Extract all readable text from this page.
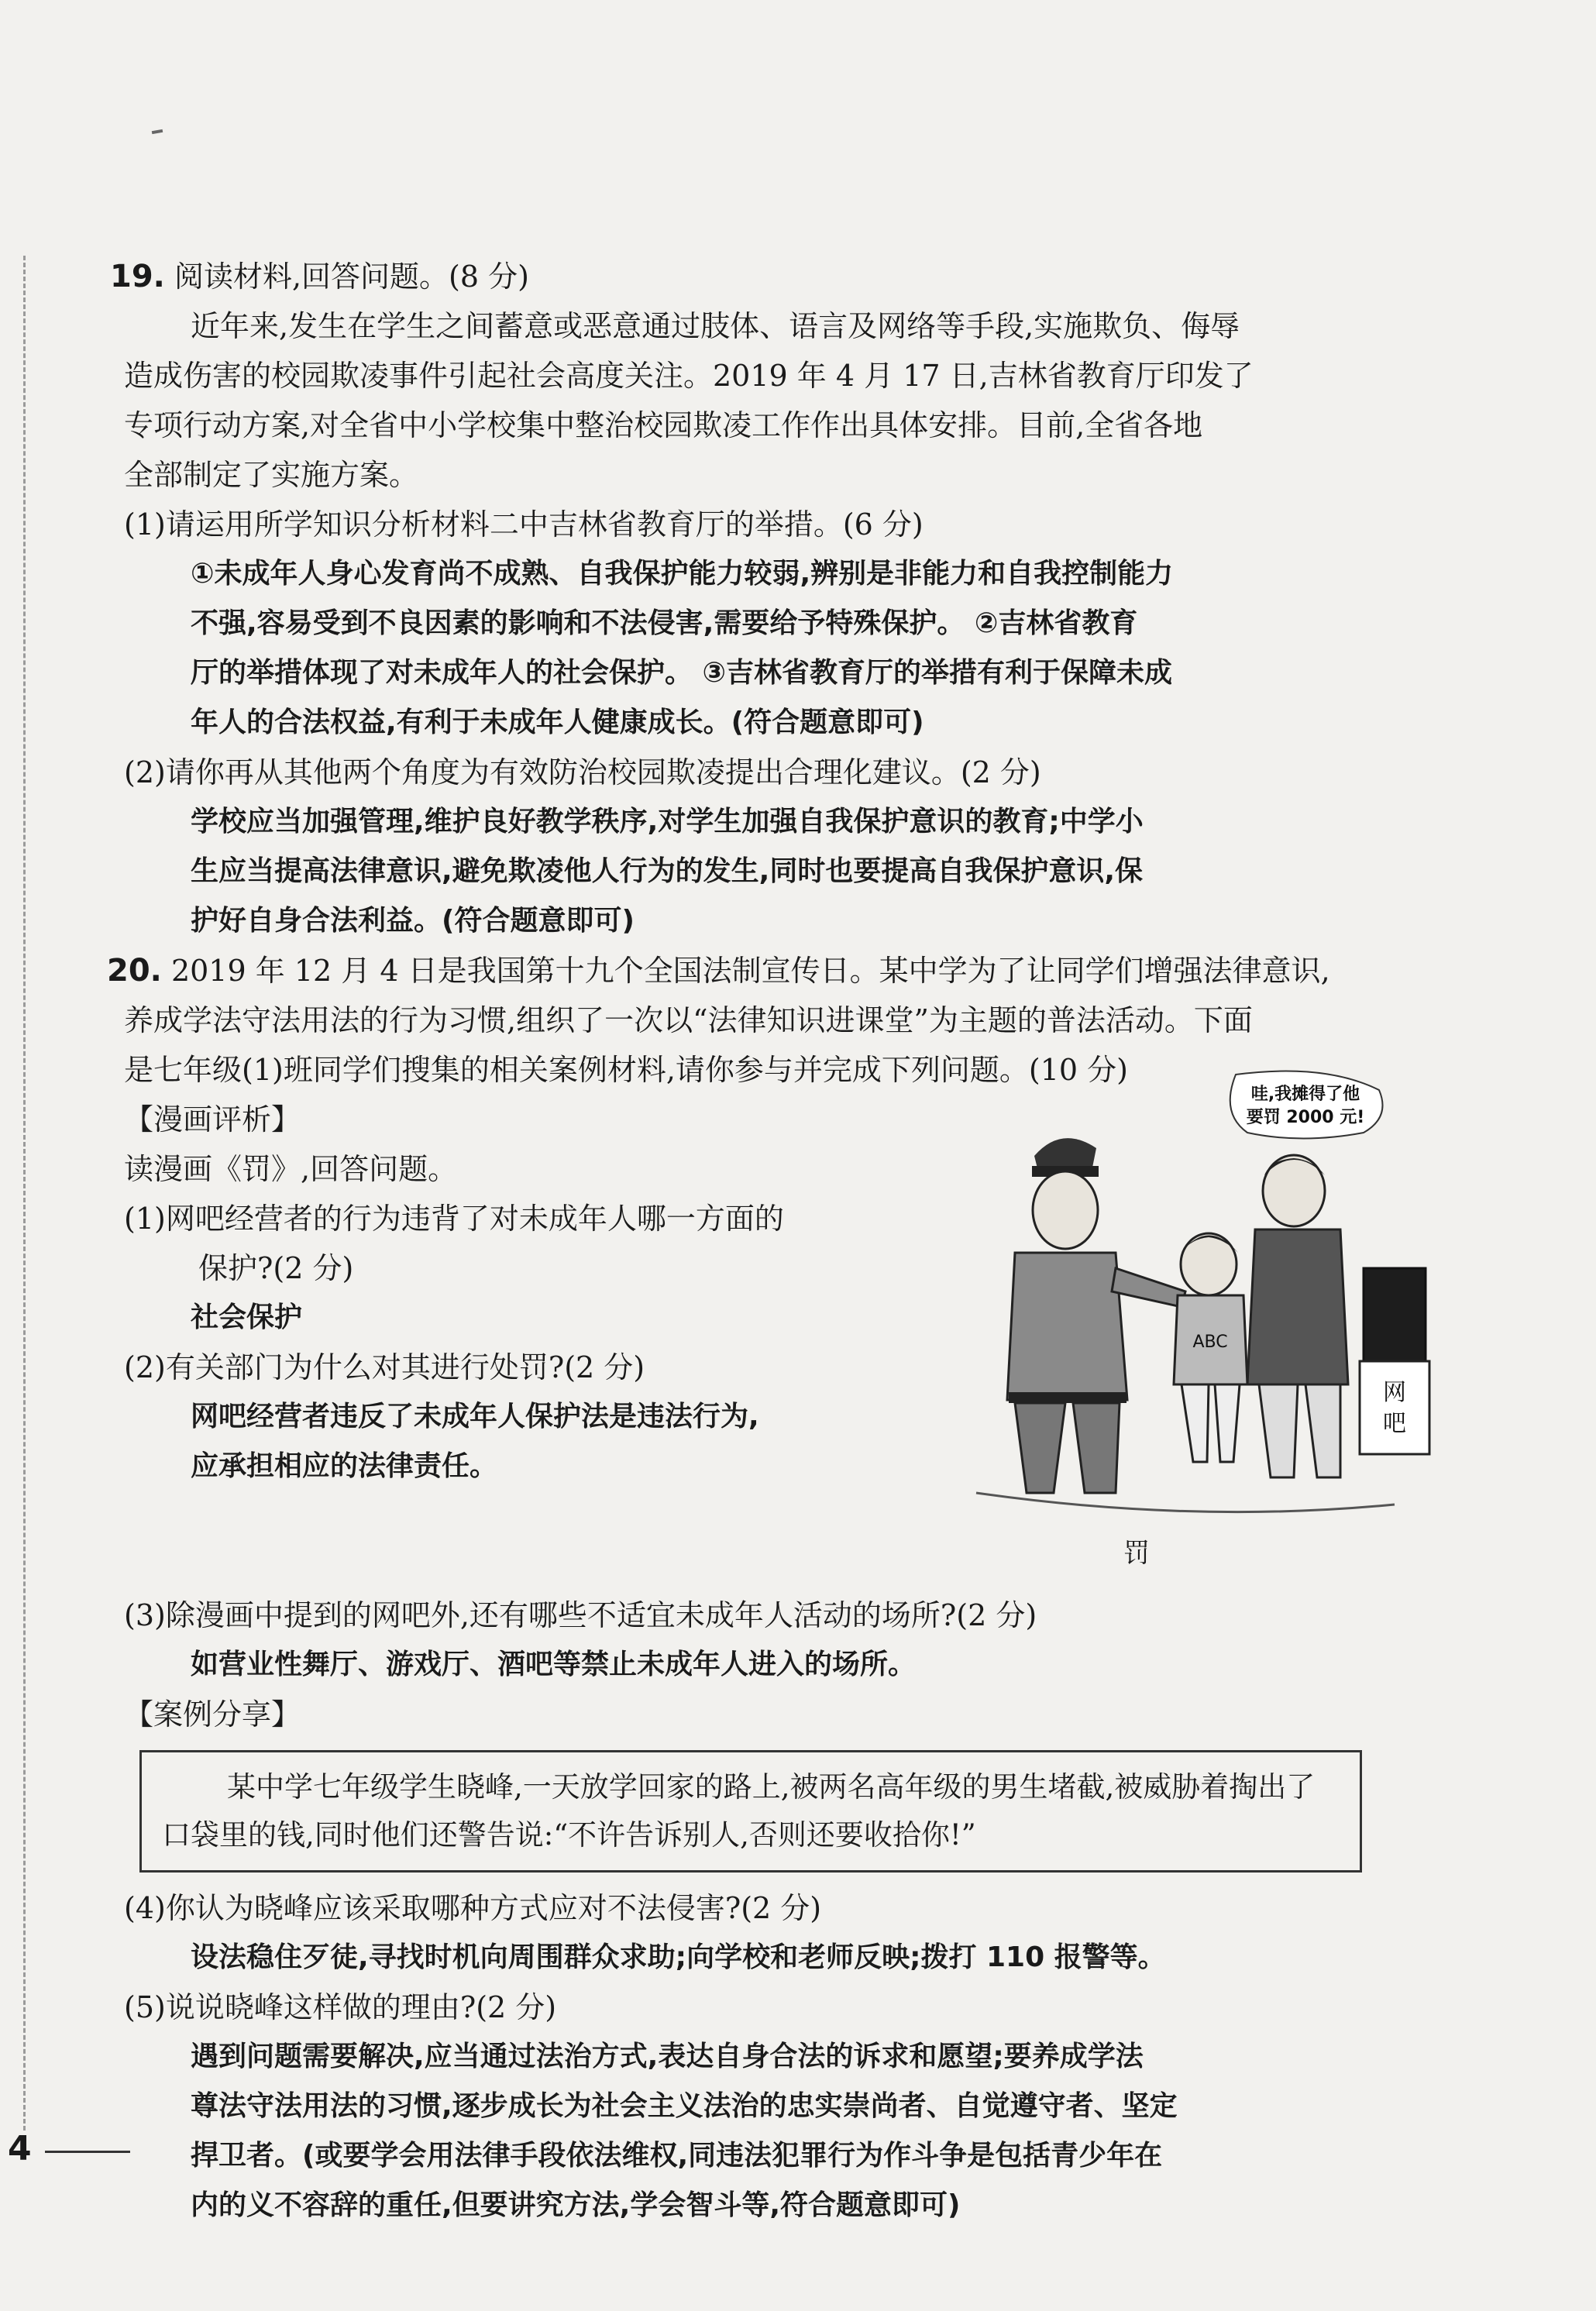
19. 阅读材料,回答问题。(8 分)
近年来,发生在学生之间蓄意或恶意通过肢体、语言及网络等手段,实施欺负、侮辱
造成伤害的校园欺凌事件引起社会高度关注。2019 年 4 月 17 日,吉林省教育厅印发了
专项行动方案,对全省中小学校集中整治校园欺凌工作作出具体安排。目前,全省各地
全部制定了实施方案。
(1)请运用所学知识分析材料二中吉林省教育厅的举措。(6 分)
①未成年人身心发育尚不成熟、自我保护能力较弱,辨别是非能力和自我控制能力
不强,容易受到不良因素的影响和不法侵害,需要给予特殊保护。 ②吉林省教育
厅的举措体现了对未成年人的社会保护。 ③吉林省教育厅的举措有利于保障未成
年人的合法权益,有利于未成年人健康成长。(符合题意即可)
(2)请你再从其他两个角度为有效防治校园欺凌提出合理化建议。(2 分)
学校应当加强管理,维护良好教学秩序,对学生加强自我保护意识的教育;中学小
生应当提高法律意识,避免欺凌他人行为的发生,同时也要提高自我保护意识,保
护好自身合法利益。(符合题意即可)
20. 2019 年 12 月 4 日是我国第十九个全国法制宣传日。某中学为了让同学们增强法律意识,
养成学法守法用法的行为习惯,组织了一次以“法律知识进课堂”为主题的普法活动。下面
是七年级(1)班同学们搜集的相关案例材料,请你参与并完成下列问题。(10 分)
【漫画评析】
读漫画《罚》,回答问题。
(1)网吧经营者的行为违背了对未成年人哪一方面的
保护?(2 分)
社会保护
(2)有关部门为什么对其进行处罚?(2 分)
网吧经营者违反了未成年人保护法是违法行为,
应承担相应的法律责任。
哇,我摊得了他
要罚 2000 元!
ABC
网
吧
罚
(3)除漫画中提到的网吧外,还有哪些不适宜未成年人活动的场所?(2 分)
如营业性舞厅、游戏厅、酒吧等禁止未成年人进入的场所。
【案例分享】
某中学七年级学生晓峰,一天放学回家的路上,被两名高年级的男生堵截,被威胁着掏出了口袋里的钱,同时他们还警告说:“不许告诉别人,否则还要收拾你!”
(4)你认为晓峰应该采取哪种方式应对不法侵害?(2 分)
设法稳住歹徒,寻找时机向周围群众求助;向学校和老师反映;拨打 110 报警等。
(5)说说晓峰这样做的理由?(2 分)
遇到问题需要解决,应当通过法治方式,表达自身合法的诉求和愿望;要养成学法
尊法守法用法的习惯,逐步成长为社会主义法治的忠实崇尚者、自觉遵守者、坚定
捍卫者。(或要学会用法律手段依法维权,同违法犯罪行为作斗争是包括青少年在
内的义不容辞的重任,但要讲究方法,学会智斗等,符合题意即可)
4
